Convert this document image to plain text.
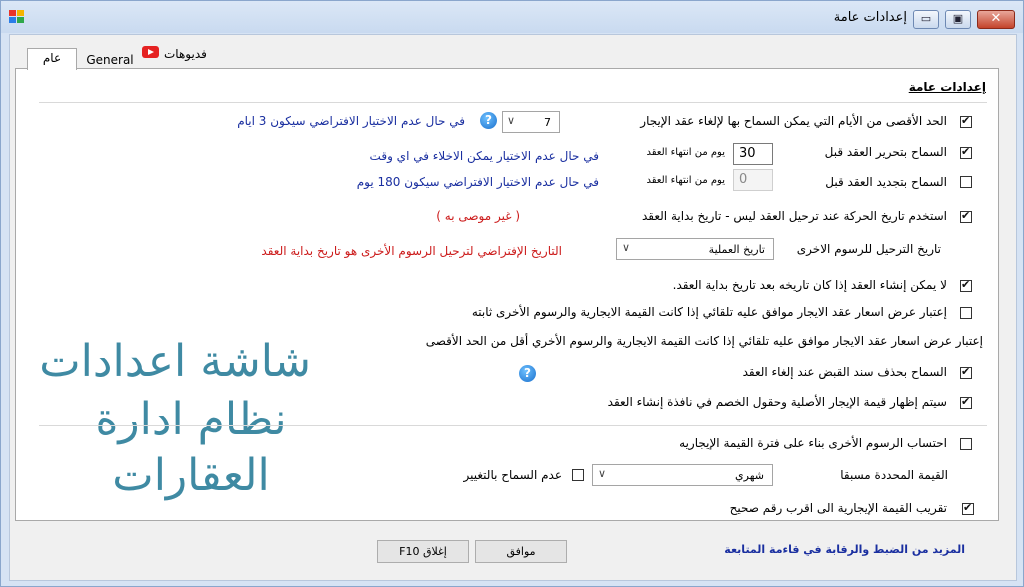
إعدادات عامة	▭	▣	✕
عام	General	فديوهات
إعدادات عامة
✔
الحد الأقصى من الأيام التي يمكن السماح بها لإلغاء عقد الإيجار
7
∨
?
في حال عدم الاختيار الافتراضي سيكون 3 ايام
✔
السماح بتحرير العقد قبل
30
يوم من انتهاء العقد
في حال عدم الاختيار يمكن الاخلاء في اي وقت
السماح بتجديد العقد قبل
0
يوم من انتهاء العقد
في حال عدم الاختيار الافتراضي سيكون 180 يوم
✔
استخدم تاريخ الحركة عند ترحيل العقد ليس - تاريخ بداية العقد
( غير موصى به )
تاريخ الترحيل للرسوم الاخرى
تاريخ العملية
∨
التاريخ الإفتراضي لترحيل الرسوم الأخرى هو تاريخ بداية العقد
✔
لا يمكن إنشاء العقد إذا كان تاريخه بعد تاريخ بداية العقد.
إعتبار عرض اسعار عقد الايجار موافق عليه تلقائي إذا كانت القيمة الايجارية والرسوم الأخرى ثابته
إعتبار عرض اسعار عقد الايجار موافق عليه تلقائي إذا كانت القيمة الايجارية والرسوم الأخري أقل من الحد الأقصى
شاشة اعدادات
نظام ادارة
العقارات
?
✔	السماح بحذف سند القبض عند إلغاء العقد
✔
سيتم إظهار قيمة الإيجار الأصلية وحقول الخصم في نافذة إنشاء العقد
احتساب الرسوم الأخرى بناء على فترة القيمة الإيجاريه
القيمة المحددة مسبقا
شهري
∨
عدم السماح بالتغيير
✔
تقريب القيمة الإيجارية الى اقرب رقم صحيح
موافق
إغلاق F10	المزيد من الضبط والرقابة في قاءمة المتابعة
